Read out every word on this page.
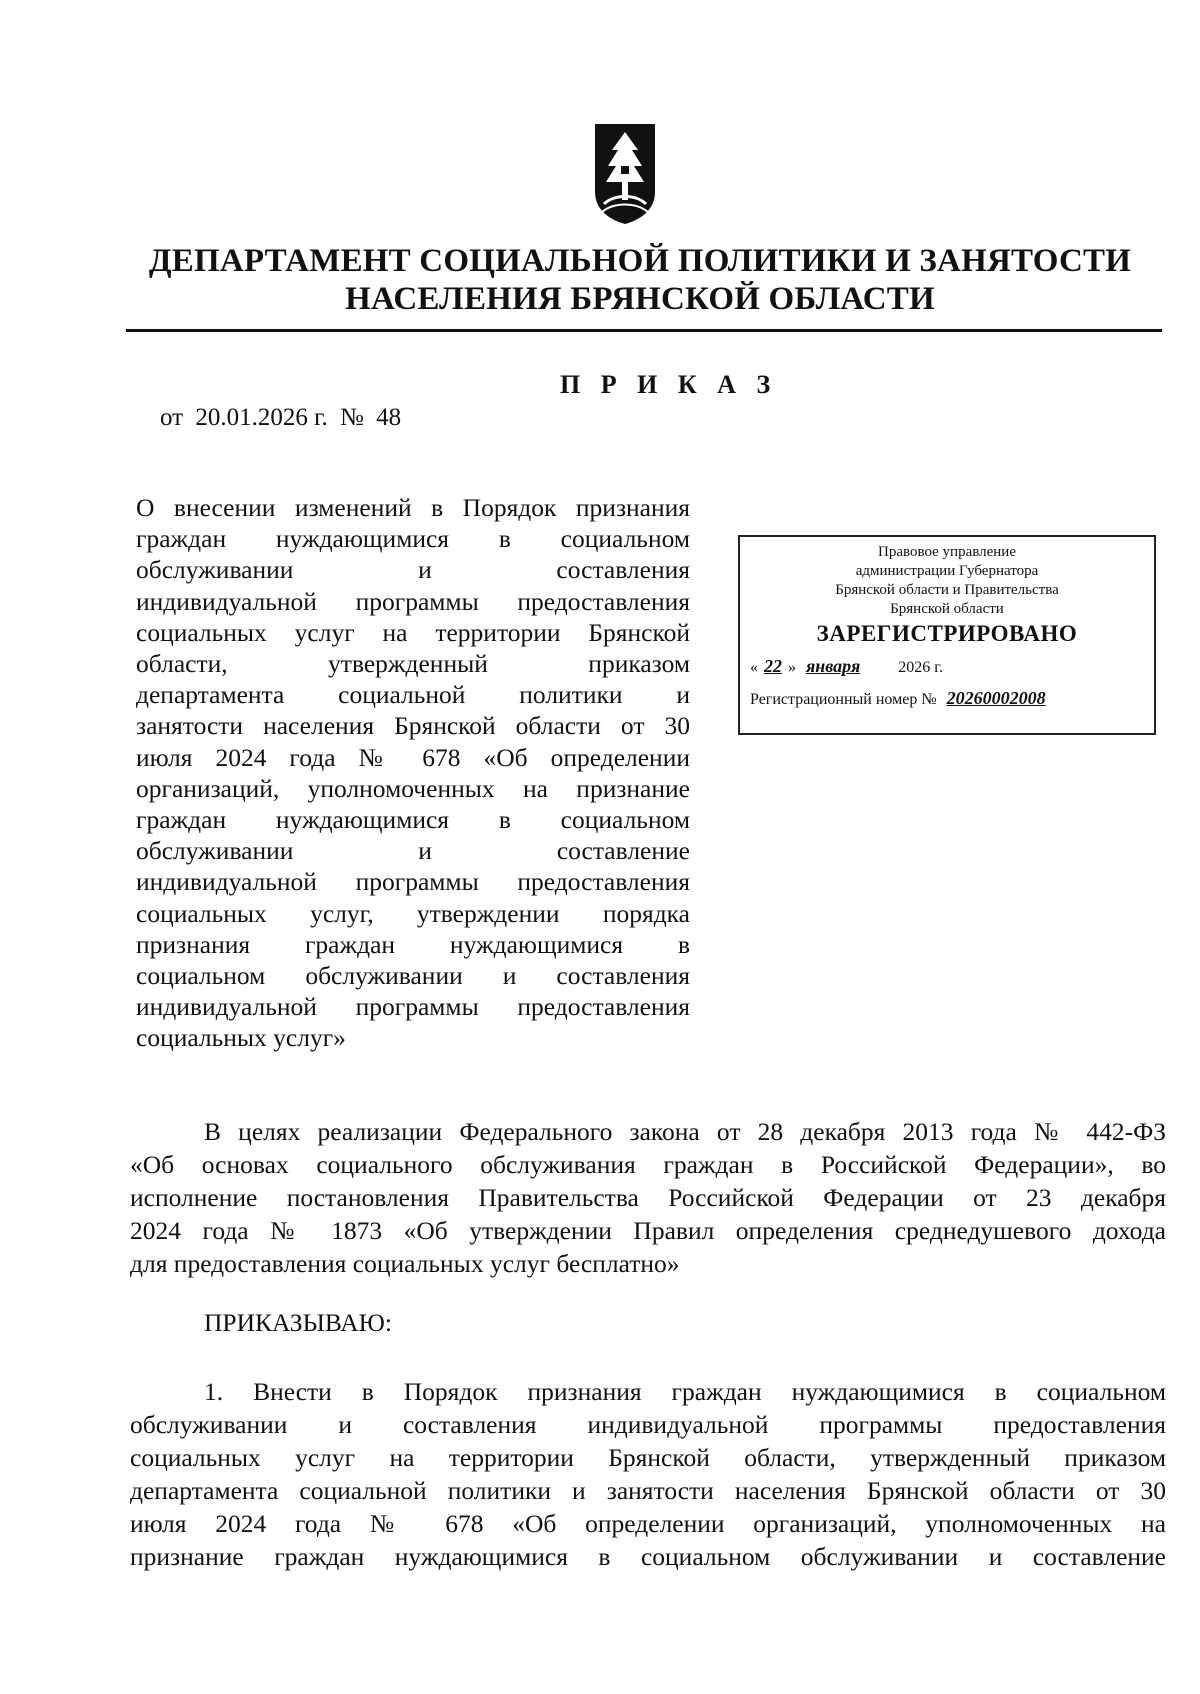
ДЕПАРТАМЕНТ СОЦИАЛЬНОЙ ПОЛИТИКИ И ЗАНЯТОСТИ
НАСЕЛЕНИЯ БРЯНСКОЙ ОБЛАСТИ
П Р И К А З
от 20.01.2026 г. № 48
О внесении изменений в Порядок признания
граждан нуждающимися в социальном
обслуживании и составления
индивидуальной программы предоставления
социальных услуг на территории Брянской
области, утвержденный приказом
департамента социальной политики и
занятости населения Брянской области от 30
июля 2024 года № 678 «Об определении
организаций, уполномоченных на признание
граждан нуждающимися в социальном
обслуживании и составление
индивидуальной программы предоставления
социальных услуг, утверждении порядка
признания граждан нуждающимися в
социальном обслуживании и составления
индивидуальной программы предоставления
социальных услуг»
Правовое управление
администрации Губернатора
Брянской области и Правительства
Брянской области
ЗАРЕГИСТРИРОВАНО
« 22 » января 2026 г.
Регистрационный номер № 20260002008
В целях реализации Федерального закона от 28 декабря 2013 года № 442-ФЗ
«Об основах социального обслуживания граждан в Российской Федерации», во
исполнение постановления Правительства Российской Федерации от 23 декабря
2024 года № 1873 «Об утверждении Правил определения среднедушевого дохода
для предоставления социальных услуг бесплатно»
ПРИКАЗЫВАЮ:
1. Внести в Порядок признания граждан нуждающимися в социальном
обслуживании и составления индивидуальной программы предоставления
социальных услуг на территории Брянской области, утвержденный приказом
департамента социальной политики и занятости населения Брянской области от 30
июля 2024 года № 678 «Об определении организаций, уполномоченных на
признание граждан нуждающимися в социальном обслуживании и составление
